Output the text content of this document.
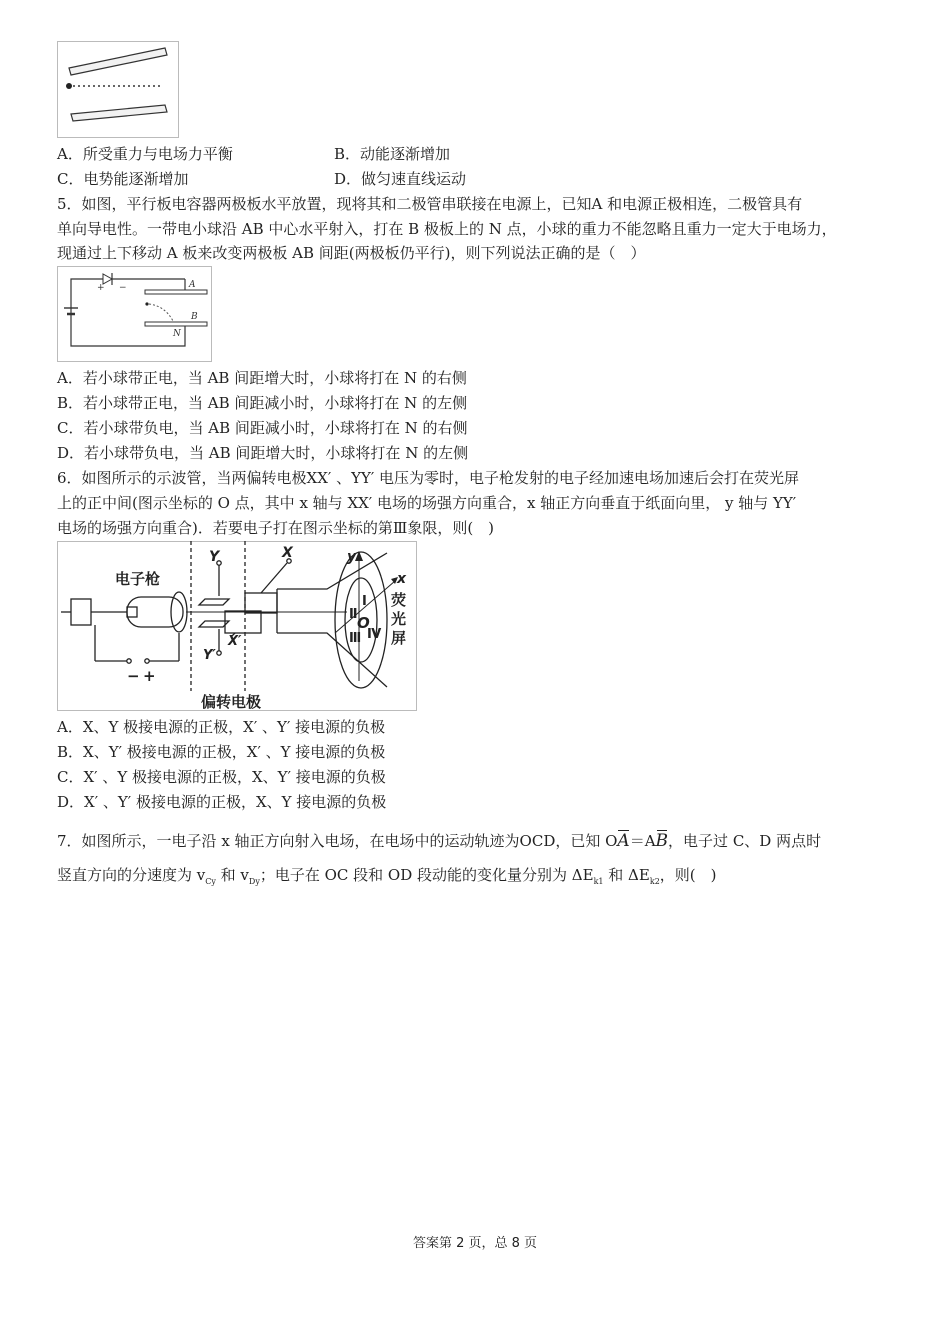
A．所受重力与电场力平衡	B．动能逐渐增加
C．电势能逐渐增加	D．做匀速直线运动
5．如图，平行板电容器两极板水平放置，现将其和二极管串联接在电源上，已知A 和电源正极相连，二极管具有
单向导电性。一带电小球沿 AB 中心水平射入，打在 B 极板上的 N 点，小球的重力不能忽略且重力一定大于电场力，
现通过上下移动 A 板来改变两极板 AB 间距(两极板仍平行)，则下列说法正确的是（　）
+ −	A
B
N
A．若小球带正电，当 AB 间距增大时，小球将打在 N 的右侧
B．若小球带正电，当 AB 间距减小时，小球将打在 N 的左侧
C．若小球带负电，当 AB 间距减小时，小球将打在 N 的右侧
D．若小球带负电，当 AB 间距增大时，小球将打在 N 的左侧
6．如图所示的示波管，当两偏转电极XX′ 、YY′ 电压为零时，电子枪发射的电子经加速电场加速后会打在荧光屏
上的正中间(图示坐标的 O 点，其中 x 轴与 XX′ 电场的场强方向重合，x 轴正方向垂直于纸面向里， y 轴与 YY′
电场的场强方向重合)．若要电子打在图示坐标的第Ⅲ象限，则(　)
电子枪
Y	X	y
x
Ⅱ
Ⅰ
Ⅲ Ⅳ
O
荧
光
屏
X′
Y′
− +
偏转电极
A．X、Y 极接电源的正极，X′ 、Y′ 接电源的负极
B．X、Y′ 极接电源的正极，X′ 、Y 接电源的负极
C．X′ 、Y 极接电源的正极，X、Y′ 接电源的负极
D．X′ 、Y′ 极接电源的正极，X、Y 接电源的负极
7．如图所示，一电子沿 x 轴正方向射入电场，在电场中的运动轨迹为OCD，已知 OA＝AB，电子过 C、D 两点时
竖直方向的分速度为 $v_{Cy}$ 和 $v_{Dy}$；电子在 OC 段和 OD 段动能的变化量分别为 $\Delta E_{k1}$ 和 $\Delta E_{k2}$，则(　)
答案第 2 页，总 8 页
